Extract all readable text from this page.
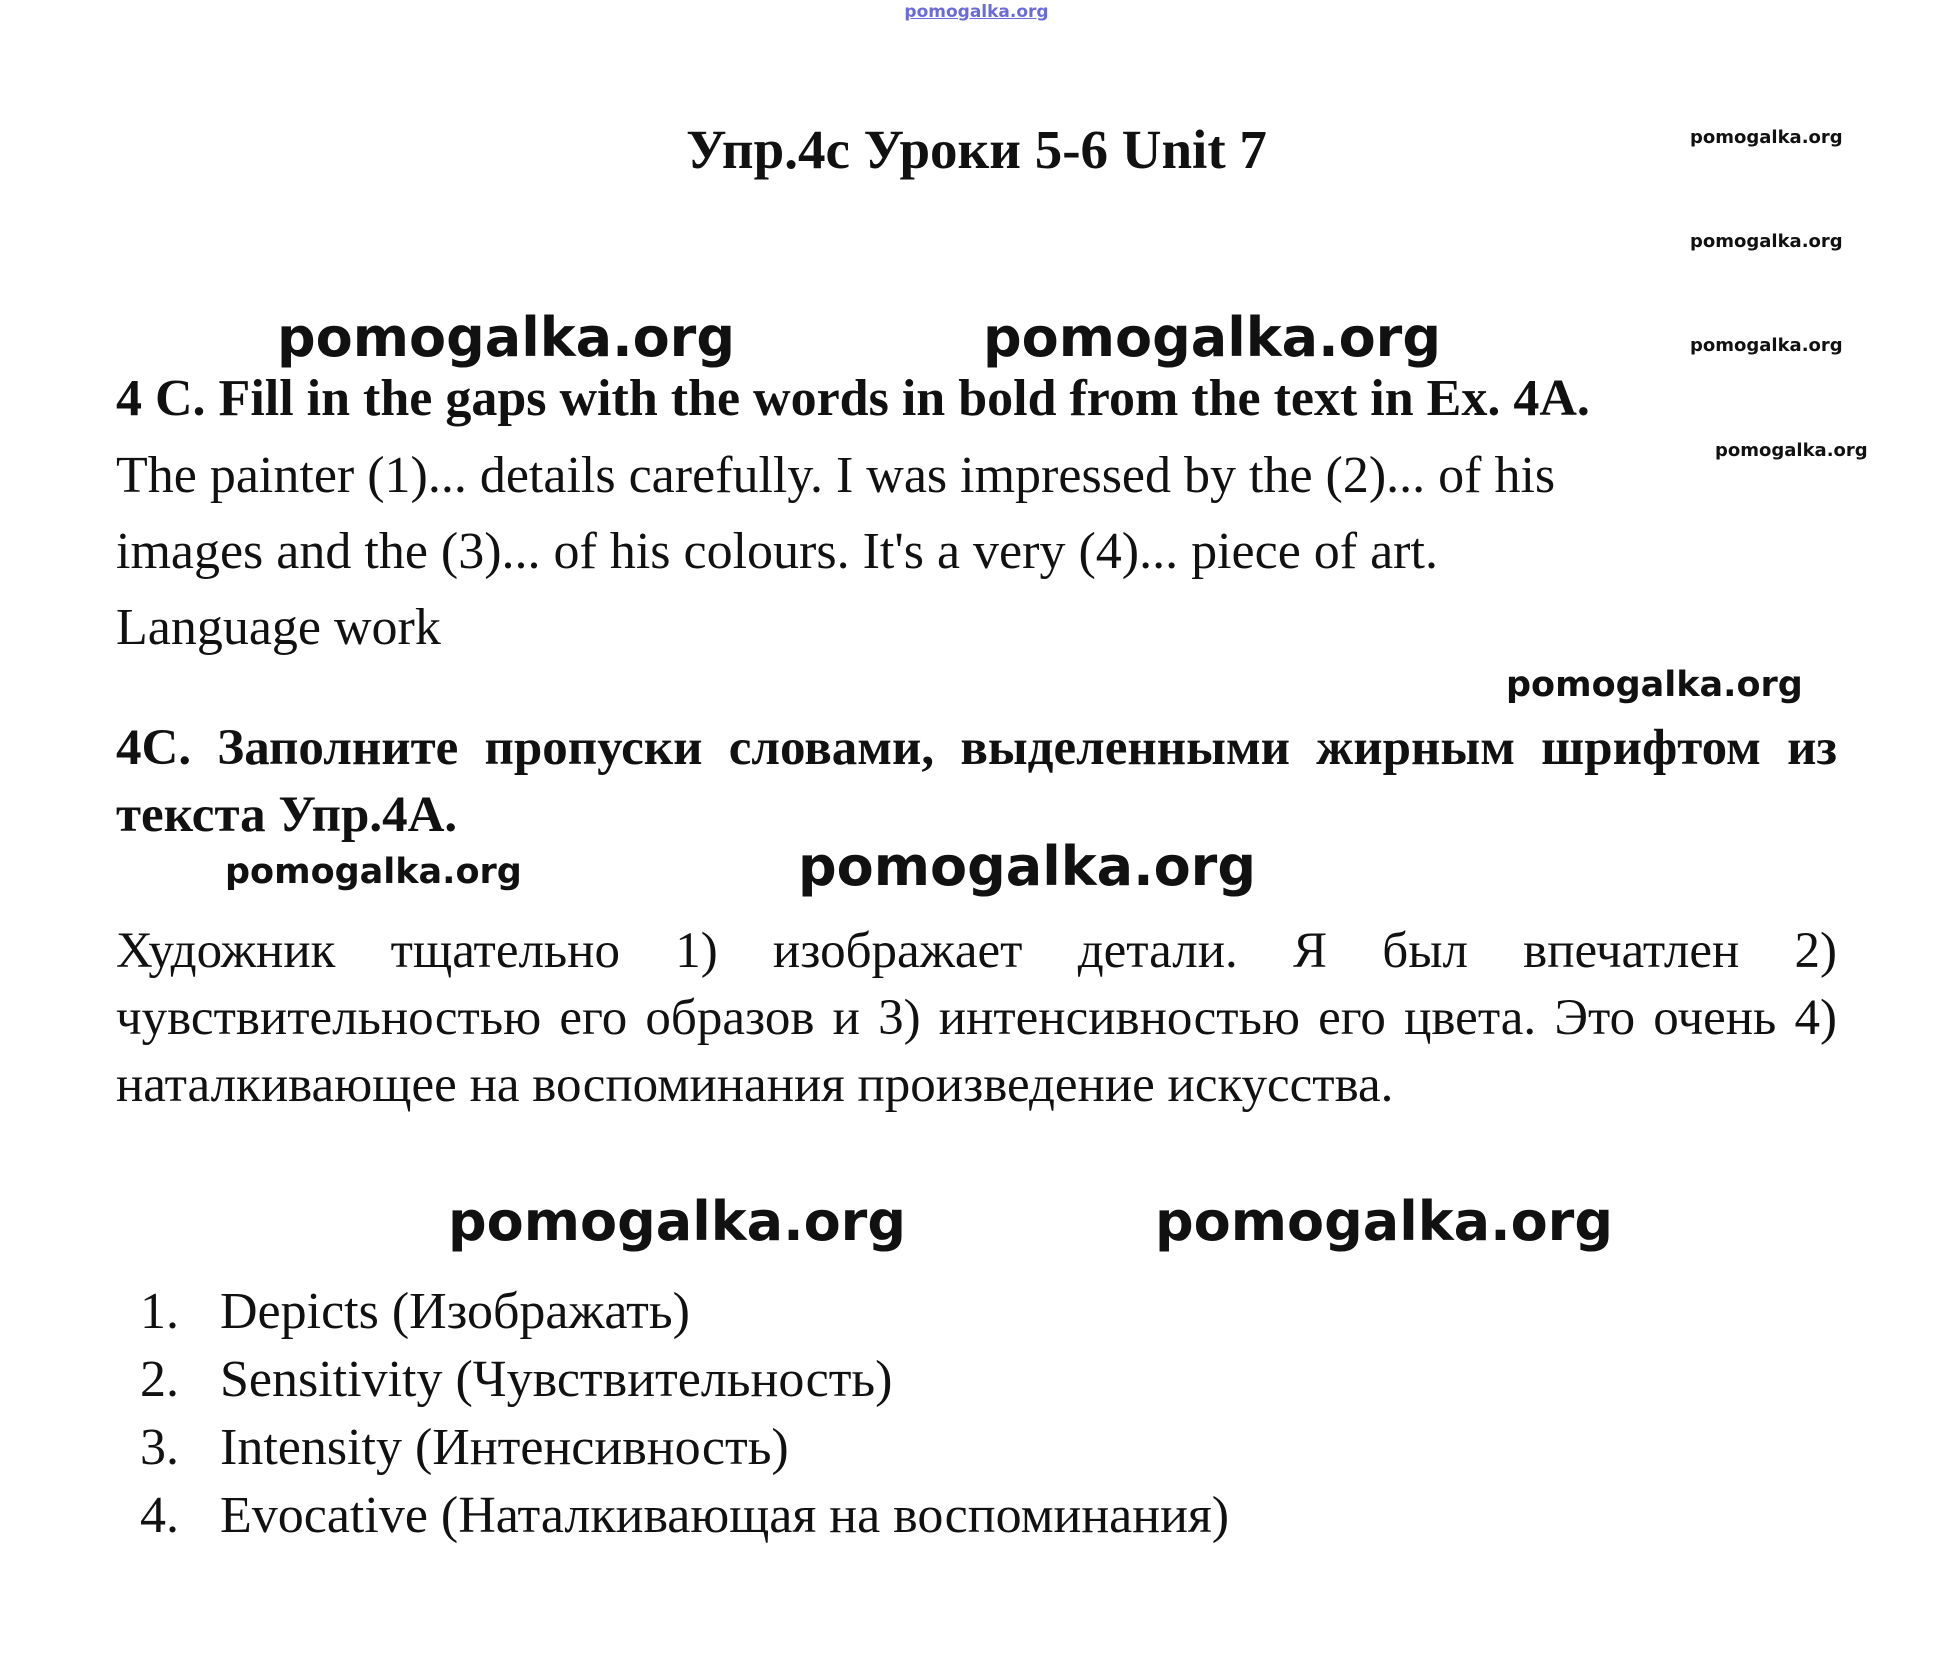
pomogalka.org
Упр.4с Уроки 5-6 Unit 7	pomogalka.org
pomogalka.org
pomogalka.org
pomogalka.org
pomogalka.org	pomogalka.org
4 C. Fill in the gaps with the words in bold from the text in Ex. 4A.
The painter (1)... details carefully. I was impressed by the (2)... of his
images and the (3)... of his colours. It's a very (4)... piece of art.
Language work
pomogalka.org
4С. Заполните пропуски словами, выделенными жирным шрифтом из текста Упр.4А.
pomogalka.org	pomogalka.org
Художник тщательно 1) изображает детали. Я был впечатлен 2) чувствительностью его образов и 3) интенсивностью его цвета. Это очень 4) наталкивающее на воспоминания произведение искусства.
pomogalka.org	pomogalka.org
1. Depicts (Изображать)
2. Sensitivity (Чувствительность)
3. Intensity (Интенсивность)
4. Evocative (Наталкивающая на воспоминания)
